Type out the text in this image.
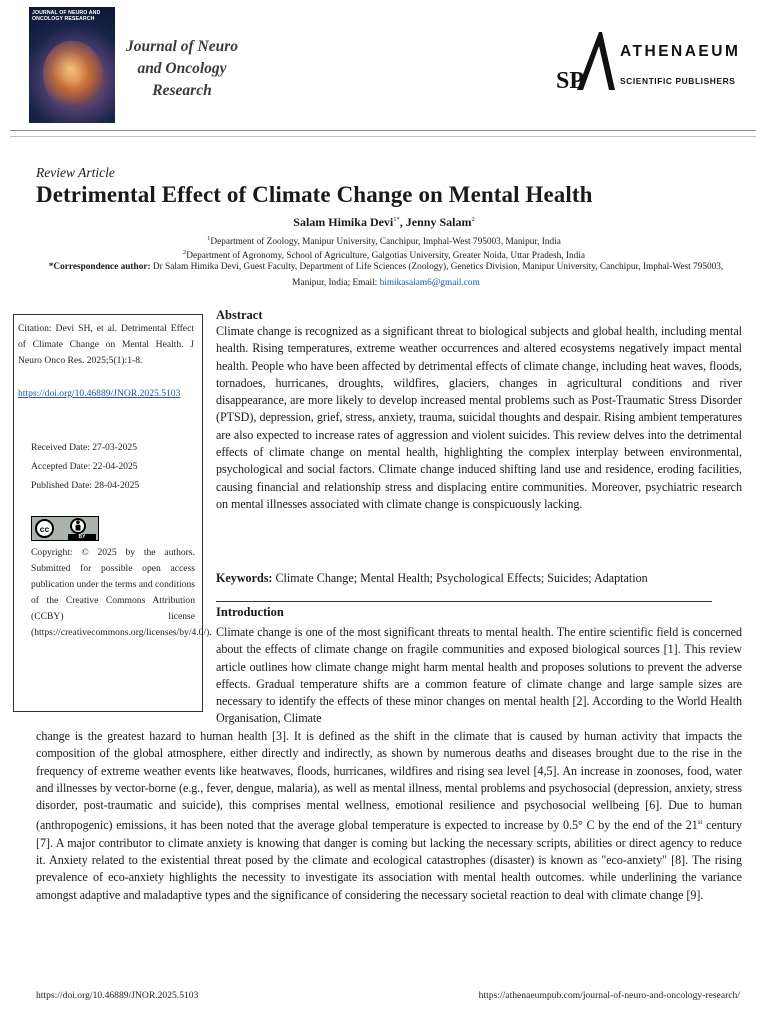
JOURNAL OF NEURO AND ONCOLOGY RESEARCH
Journal of Neuro
and Oncology
Research	SP
ATHENAEUM
SCIENTIFIC PUBLISHERS
Review Article
Detrimental Effect of Climate Change on Mental Health
Salam Himika Devi$^{1*}$, Jenny Salam$^2$
$^1$Department of Zoology, Manipur University, Canchipur, Imphal-West 795003, Manipur, India
$^2$Department of Agronomy, School of Agriculture, Galgotias University, Greater Noida, Uttar Pradesh, India
*Correspondence author: Dr Salam Himika Devi, Guest Faculty, Department of Life Sciences (Zoology), Genetics Division, Manipur University, Canchipur, Imphal-West 795003, Manipur, India; Email: himikasalam6@gmail.com
Citation: Devi SH, et al. Detrimental Effect of Climate Change on Mental Health. J Neuro Onco Res. 2025;5(1):1-8.
https://doi.org/10.46889/JNOR.2025.5103
Received Date: 27-03-2025
Accepted Date: 22-04-2025
Published Date: 28-04-2025
cc
BY
Copyright: © 2025 by the authors. Submitted for possible open access publication under the terms and conditions of the Creative Commons Attribution (CCBY) license (https://creativecommons.org/licenses/by/4.0/).
Abstract
Climate change is recognized as a significant threat to biological subjects and global health, including mental health. Rising temperatures, extreme weather occurrences and altered ecosystems negatively impact mental health. People who have been affected by detrimental effects of climate change, including heat waves, floods, tornadoes, hurricanes, droughts, wildfires, glaciers, changes in agricultural conditions and river disappearance, are more likely to develop increased mental problems such as Post-Traumatic Stress Disorder (PTSD), depression, grief, stress, anxiety, trauma, suicidal thoughts and despair. Rising ambient temperatures are also expected to increase rates of aggression and violent suicides. This review delves into the detrimental effects of climate change on mental health, highlighting the complex interplay between environmental, psychological and social factors. Climate change induced shifting land use and residence, eroding facilities, causing financial and relationship stress and displacing entire communities. Moreover, psychiatric research on mental illnesses associated with climate change is conspicuously lacking.
Keywords: Climate Change; Mental Health; Psychological Effects; Suicides; Adaptation
Introduction
Climate change is one of the most significant threats to mental health. The entire scientific field is concerned about the effects of climate change on fragile communities and exposed biological sources [1]. This review article outlines how climate change might harm mental health and proposes solutions to prevent the adverse effects. Gradual temperature shifts are a common feature of climate change and large sample sizes are necessary to identify the effects of these minor changes on mental health [2]. According to the World Health Organisation, Climate
change is the greatest hazard to human health [3]. It is defined as the shift in the climate that is caused by human activity that impacts the composition of the global atmosphere, either directly and indirectly, as shown by numerous deaths and diseases brought due to the rise in the frequency of extreme weather events like heatwaves, floods, hurricanes, wildfires and rising sea level [4,5]. An increase in zoonoses, food, water and illnesses by vector-borne (e.g., fever, dengue, malaria), as well as mental illness, mental problems and psychosocial (depression, anxiety, stress disorder, post-traumatic and suicide), this comprises mental wellness, emotional resilience and psychosocial wellbeing [6]. Due to human (anthropogenic) emissions, it has been noted that the average global temperature is expected to increase by 0.5° C by the end of the 21st century [7]. A major contributor to climate anxiety is knowing that danger is coming but lacking the necessary scripts, abilities or direct agency to reduce it. Anxiety related to the existential threat posed by the climate and ecological catastrophes (disaster) is known as "eco-anxiety" [8]. The rising prevalence of eco-anxiety highlights the necessity to investigate its association with mental health outcomes. while underlining the variance amongst adaptive and maladaptive types and the significance of considering the necessary societal reaction to deal with climate change [9].
https://doi.org/10.46889/JNOR.2025.5103	https://athenaeumpub.com/journal-of-neuro-and-oncology-research/
